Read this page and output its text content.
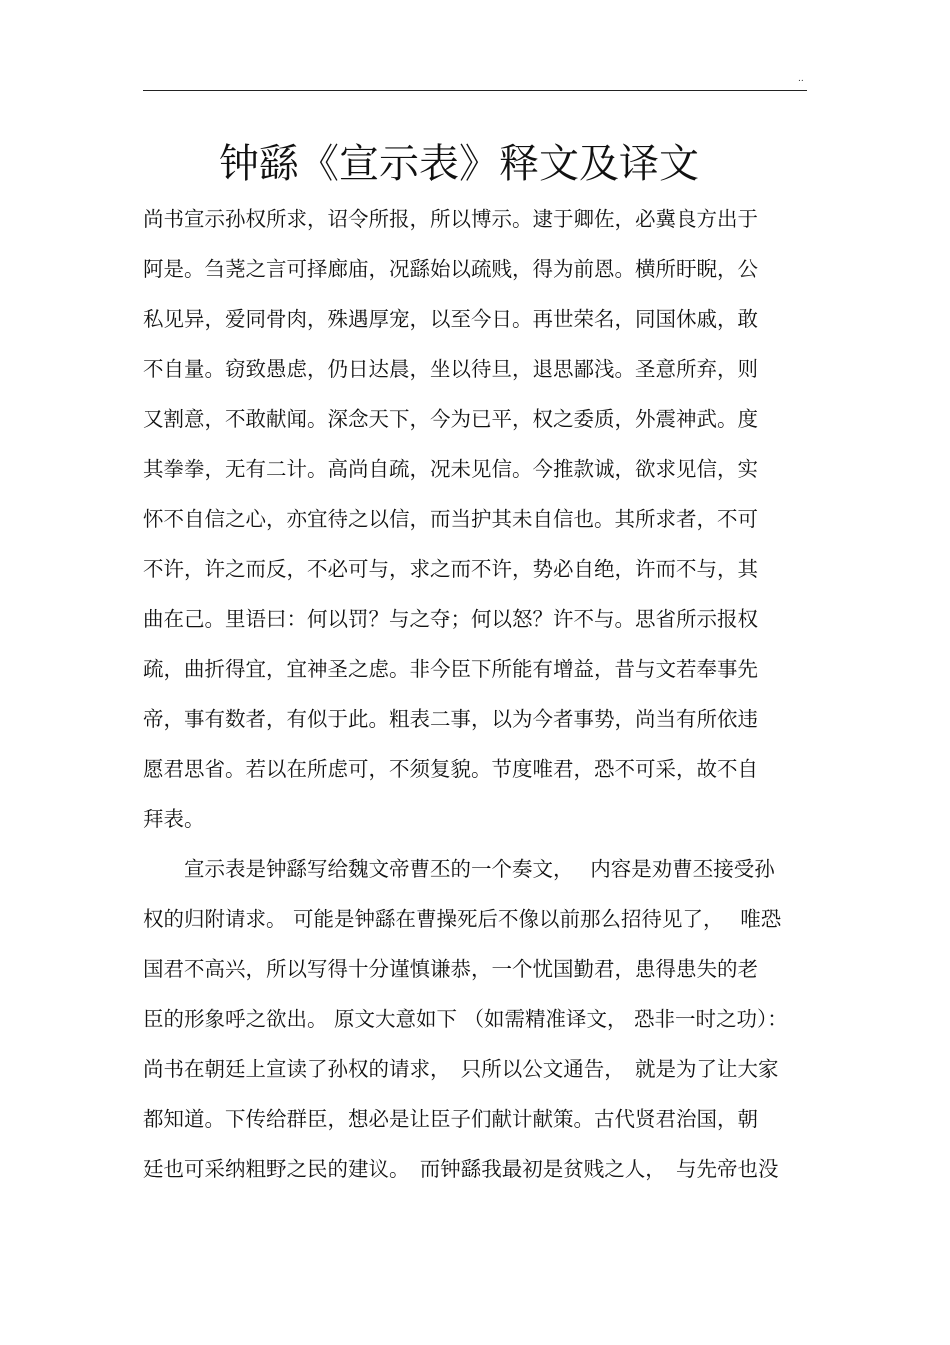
..
钟繇《宣示表》释文及译文
尚书宣示孙权所求，诏令所报，所以博示。逮于卿佐，必冀良方出于
阿是。刍荛之言可择廊庙，况繇始以疏贱，得为前恩。横所盱睨，公
私见异，爱同骨肉，殊遇厚宠，以至今日。再世荣名，同国休戚，敢
不自量。窃致愚虑，仍日达晨，坐以待旦，退思鄙浅。圣意所弃，则
又割意，不敢献闻。深念天下，今为已平，权之委质，外震神武。度
其拳拳，无有二计。高尚自疏，况未见信。今推款诚，欲求见信，实
怀不自信之心，亦宜待之以信，而当护其未自信也。其所求者，不可
不许，许之而反，不必可与，求之而不许，势必自绝，许而不与，其
曲在己。里语曰：何以罚？与之夺；何以怒？许不与。思省所示报权
疏，曲折得宜，宜神圣之虑。非今臣下所能有增益，昔与文若奉事先
帝，事有数者，有似于此。粗表二事，以为今者事势，尚当有所依违
愿君思省。若以在所虑可，不须复貌。节度唯君，恐不可采，故不自
拜表。
　　宣示表是钟繇写给魏文帝曹丕的一个奏文，　 内容是劝曹丕接受孙
权的归附请求。 可能是钟繇在曹操死后不像以前那么招待见了，　 唯恐
国君不高兴，所以写得十分谨慎谦恭，一个忧国勤君，患得患失的老
臣的形象呼之欲出。 原文大意如下 （如需精准译文， 恐非一时之功）：
尚书在朝廷上宣读了孙权的请求，　只所以公文通告，　就是为了让大家
都知道。下传给群臣，想必是让臣子们献计献策。古代贤君治国，朝
廷也可采纳粗野之民的建议。　而钟繇我最初是贫贱之人，　与先帝也没
